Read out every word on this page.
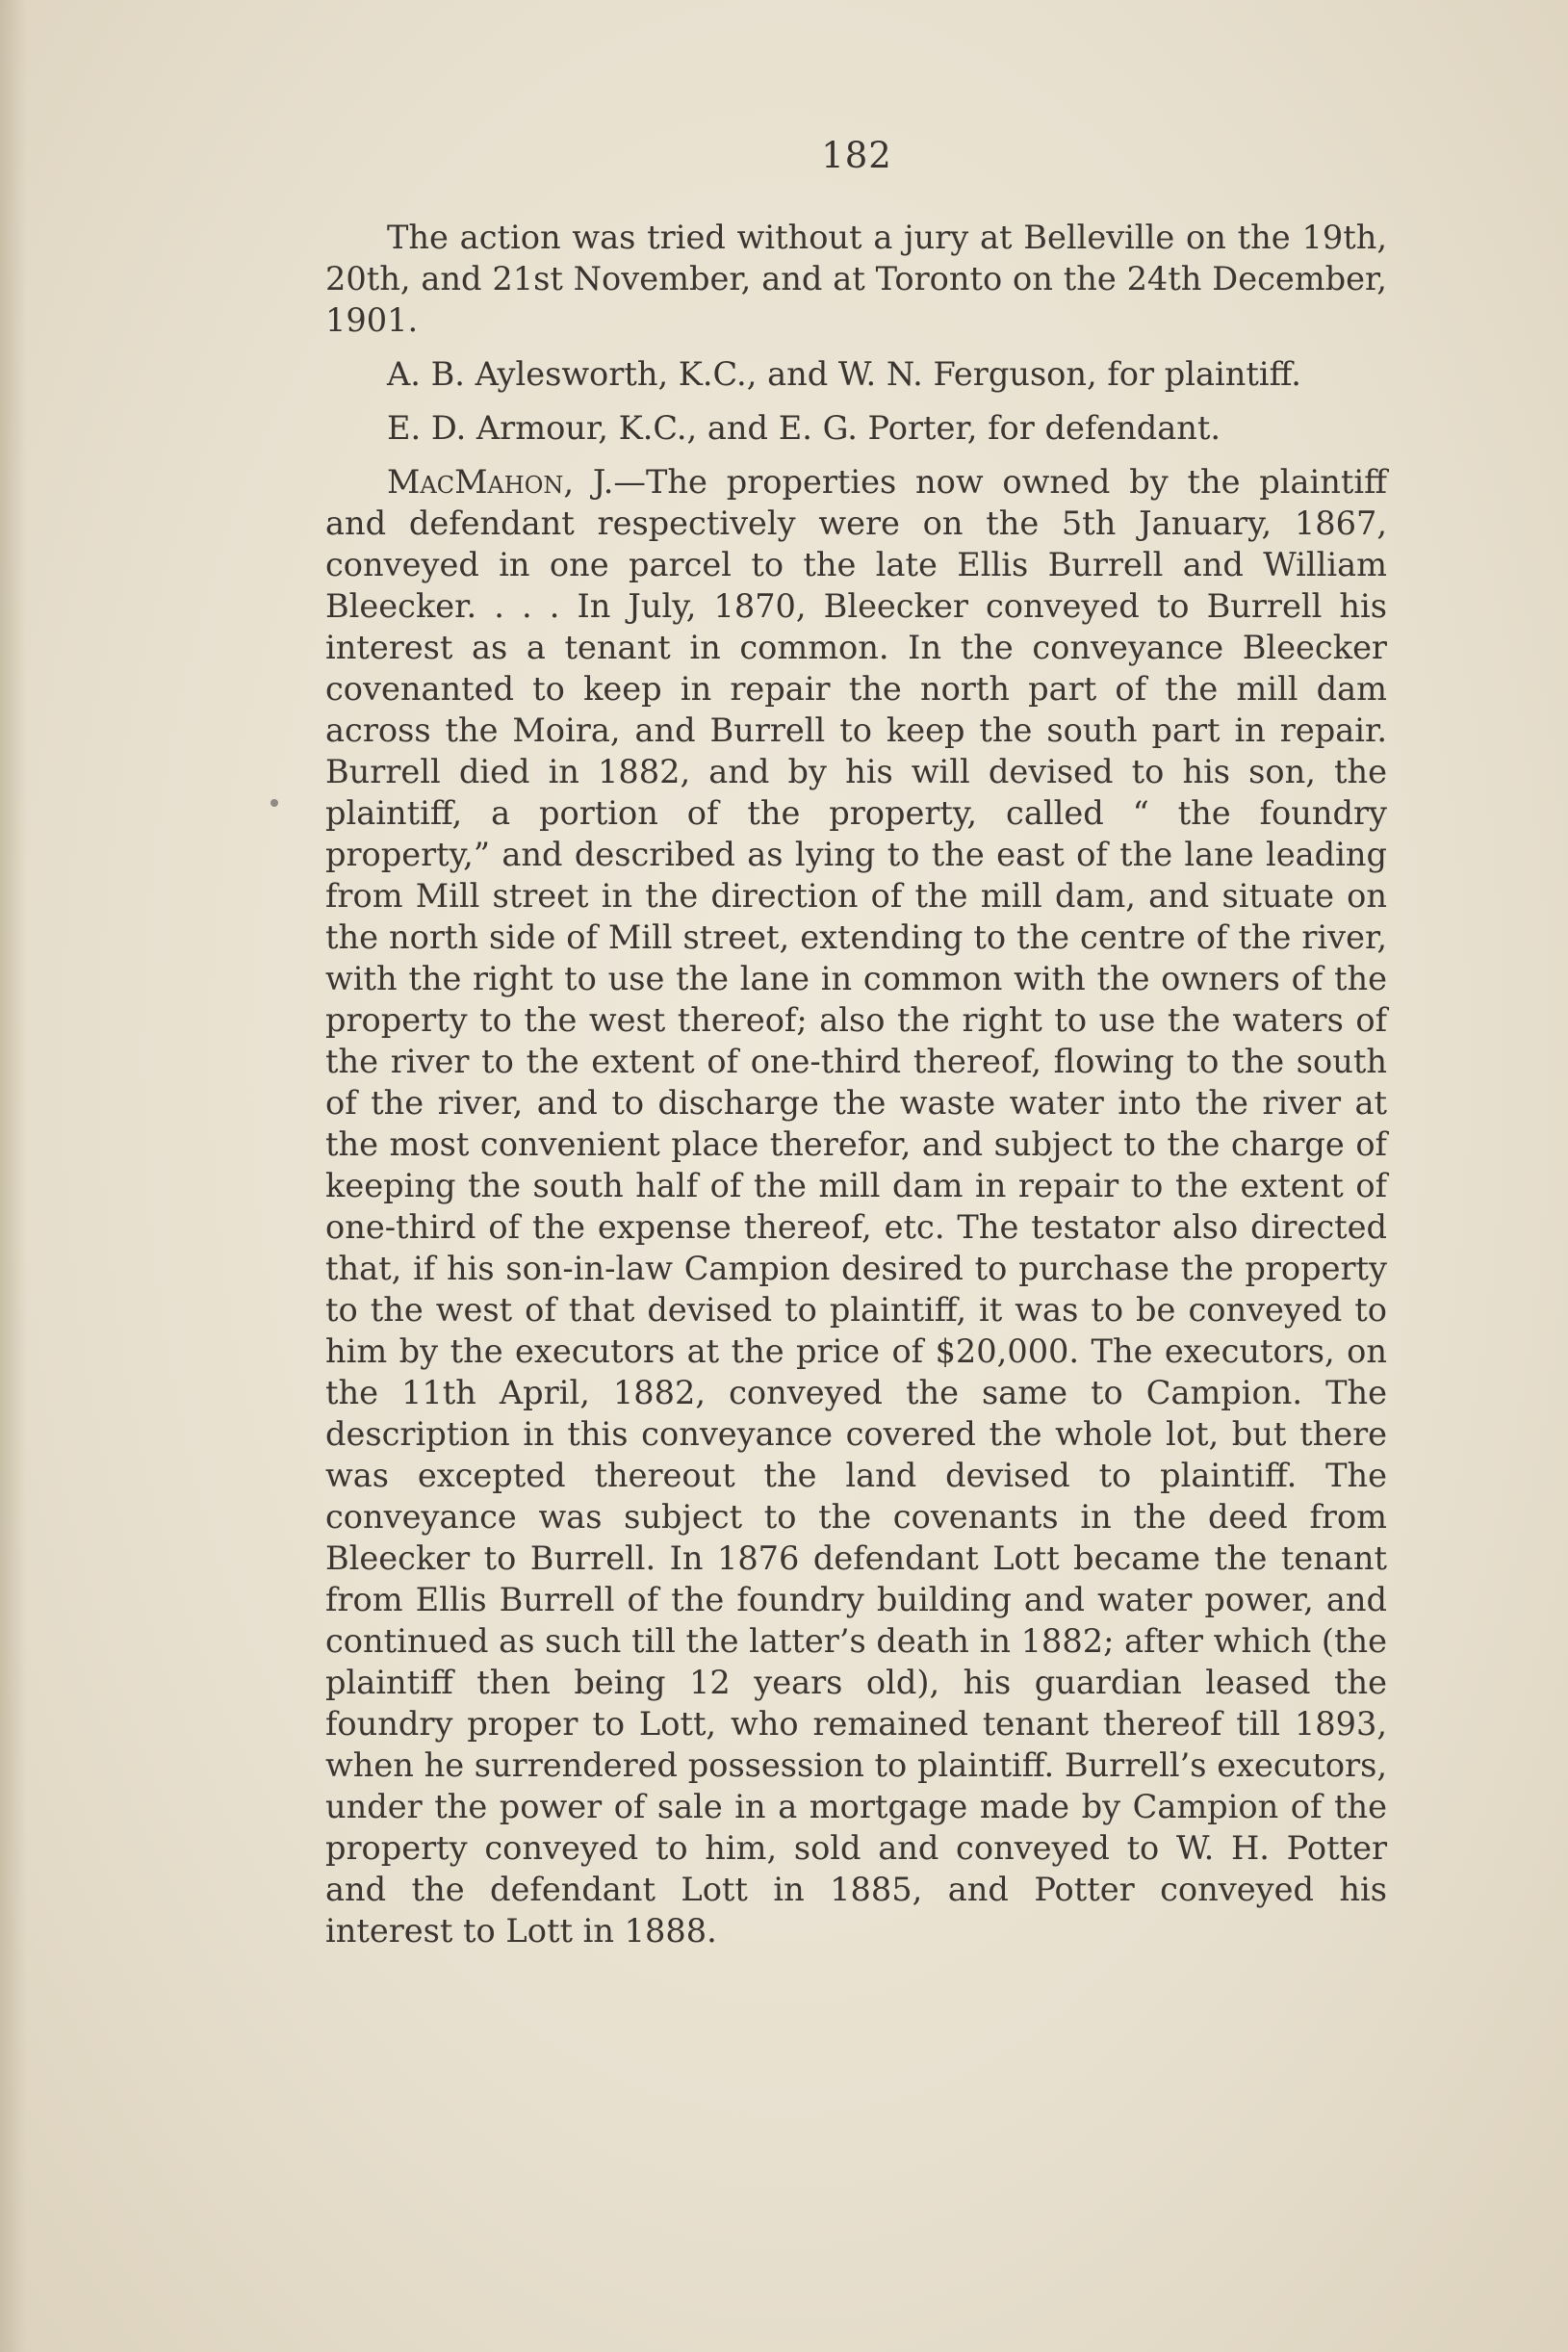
182

The action was tried without a jury at Belleville on the 19th, 20th, and 21st November, and at Toronto on the 24th December, 1901.

A. B. Aylesworth, K.C., and W. N. Ferguson, for plaintiff.

E. D. Armour, K.C., and E. G. Porter, for defendant.

MacMahon, J.—The properties now owned by the plaintiff and defendant respectively were on the 5th January, 1867, conveyed in one parcel to the late Ellis Burrell and William Bleecker. . . . In July, 1870, Bleecker conveyed to Burrell his interest as a tenant in common. In the conveyance Bleecker covenanted to keep in repair the north part of the mill dam across the Moira, and Burrell to keep the south part in repair. Burrell died in 1882, and by his will devised to his son, the plaintiff, a portion of the property, called “ the foundry property,” and described as lying to the east of the lane leading from Mill street in the direction of the mill dam, and situate on the north side of Mill street, extending to the centre of the river, with the right to use the lane in common with the owners of the property to the west thereof; also the right to use the waters of the river to the extent of one-third thereof, flowing to the south of the river, and to discharge the waste water into the river at the most convenient place therefor, and subject to the charge of keeping the south half of the mill dam in repair to the extent of one-third of the expense thereof, etc. The testator also directed that, if his son-in-law Campion desired to purchase the property to the west of that devised to plaintiff, it was to be conveyed to him by the executors at the price of $20,000. The executors, on the 11th April, 1882, conveyed the same to Campion. The description in this conveyance covered the whole lot, but there was excepted thereout the land devised to plaintiff. The conveyance was subject to the covenants in the deed from Bleecker to Burrell. In 1876 defendant Lott became the tenant from Ellis Burrell of the foundry building and water power, and continued as such till the latter’s death in 1882; after which (the plaintiff then being 12 years old), his guardian leased the foundry proper to Lott, who remained tenant thereof till 1893, when he surrendered possession to plaintiff. Burrell’s executors, under the power of sale in a mortgage made by Campion of the property conveyed to him, sold and conveyed to W. H. Potter and the defendant Lott in 1885, and Potter conveyed his interest to Lott in 1888.
